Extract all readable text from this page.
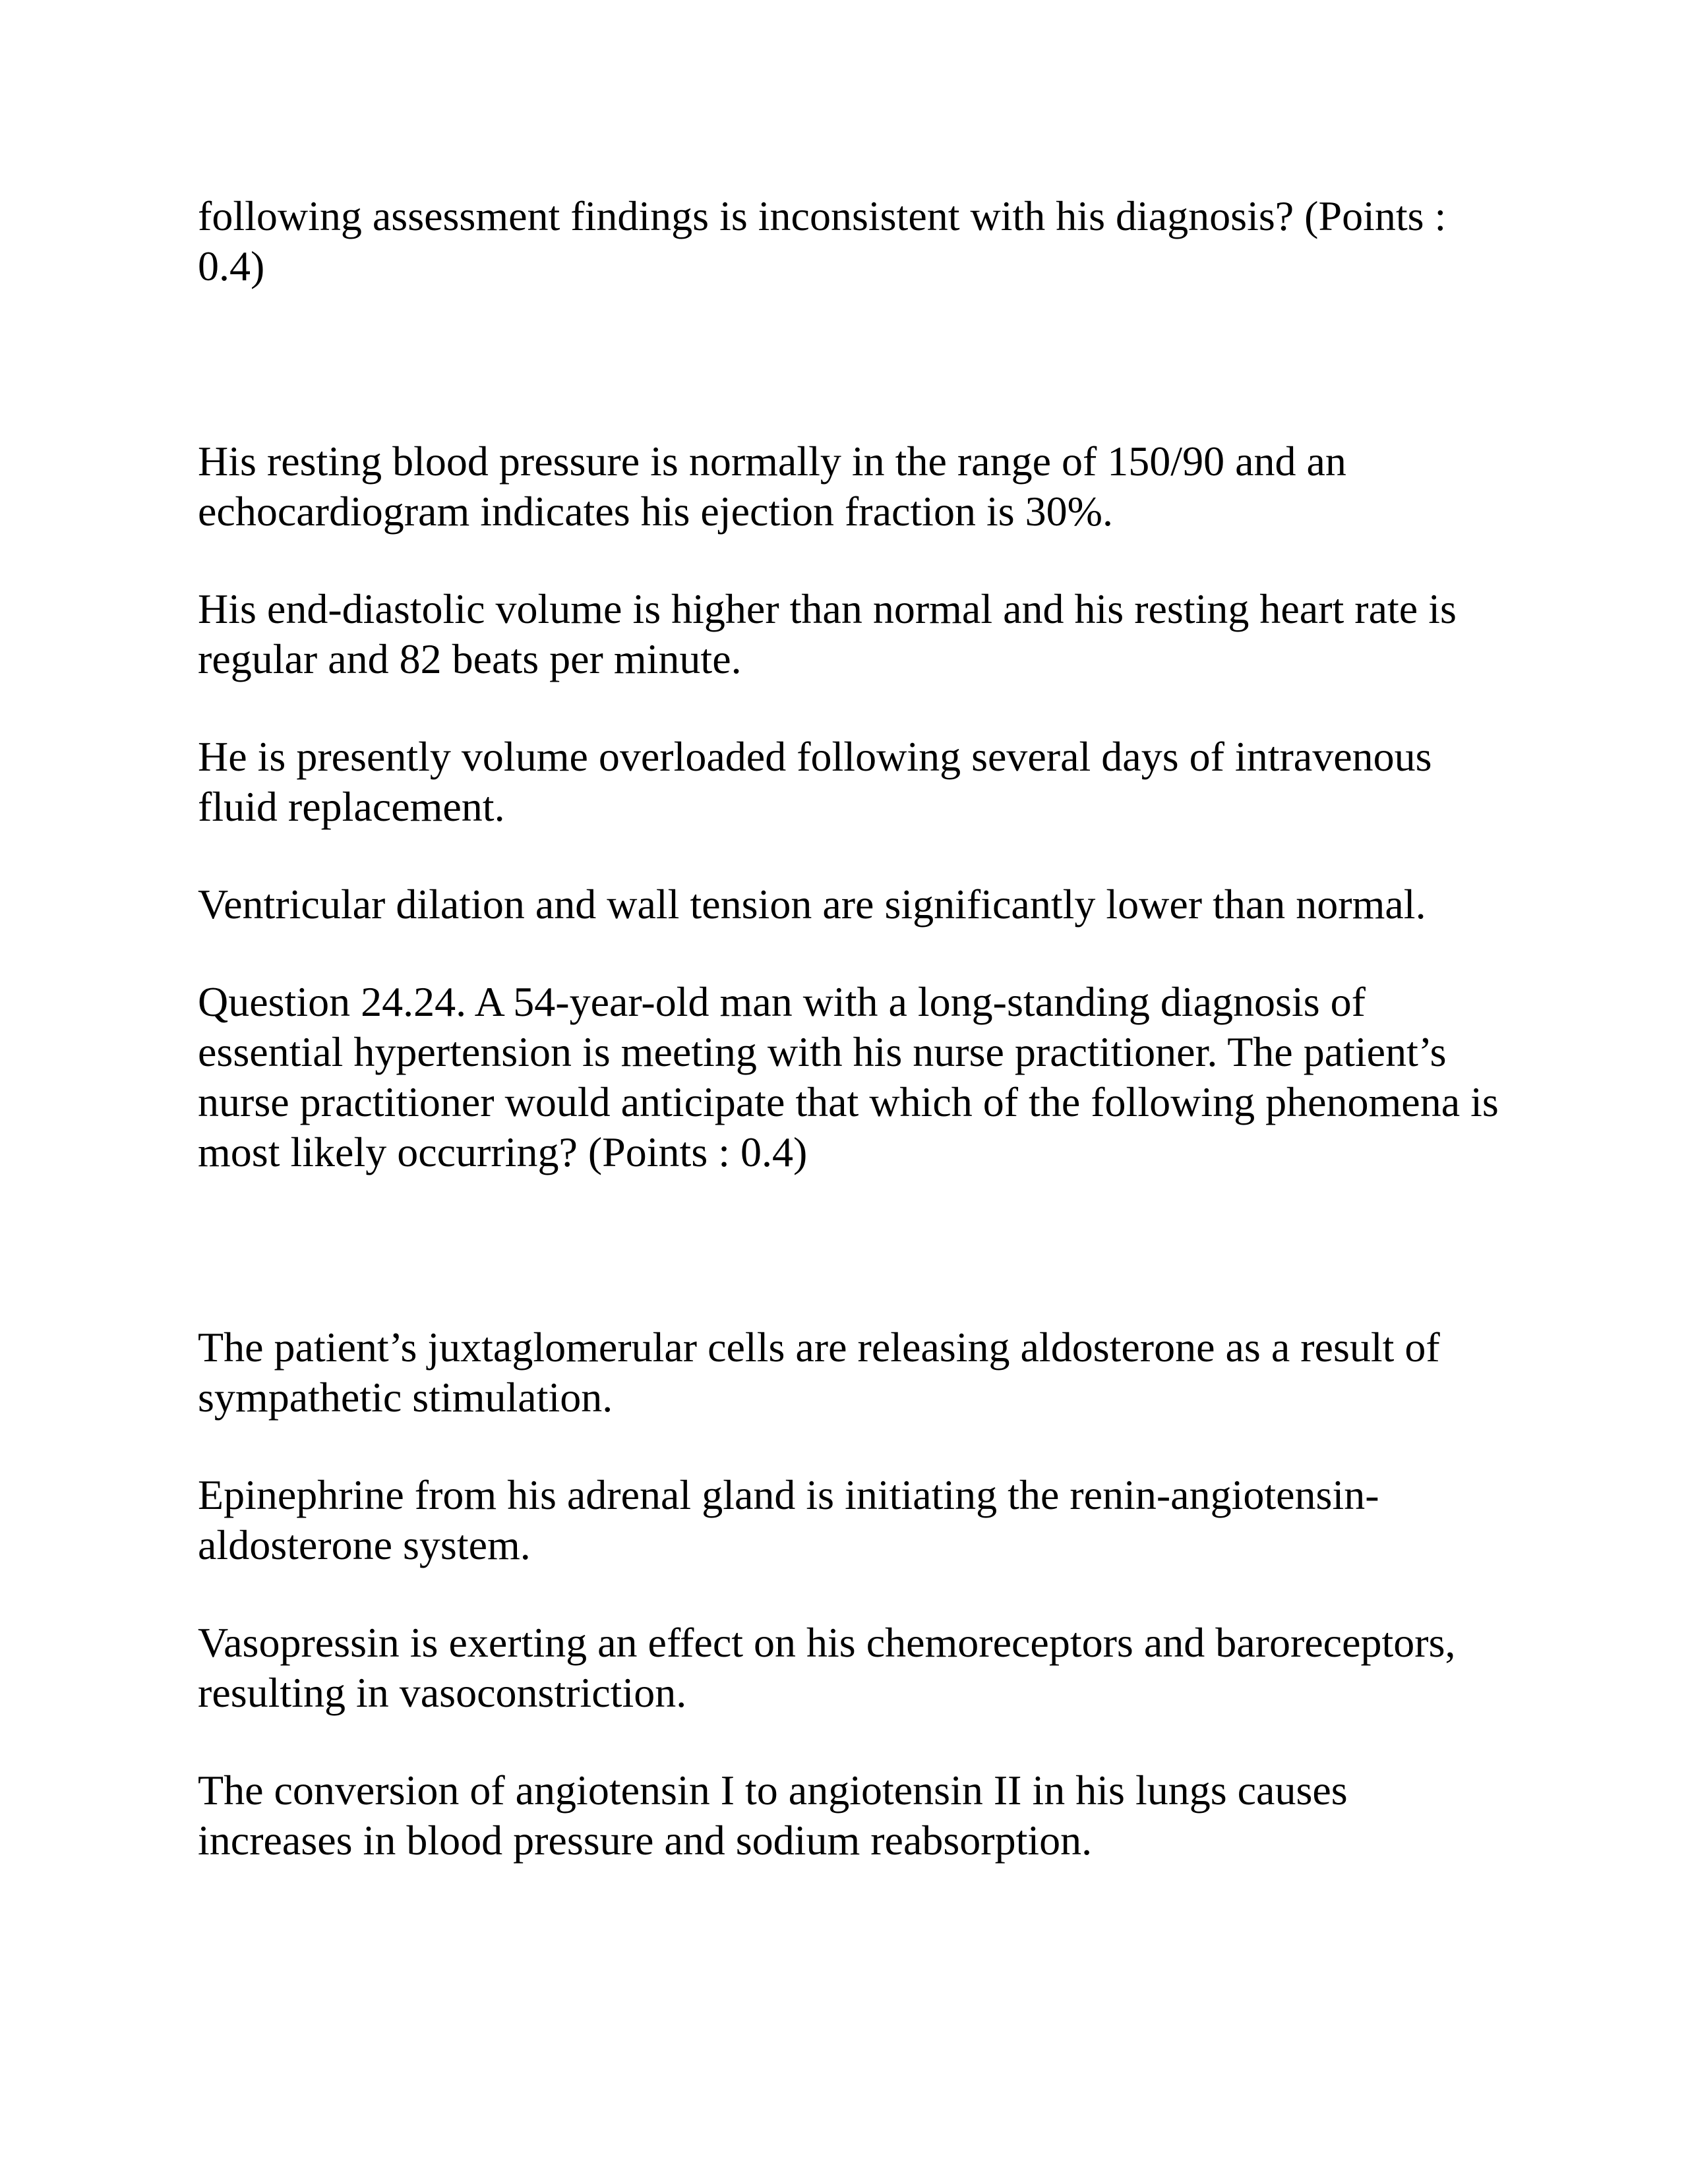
following assessment findings is inconsistent with his diagnosis? (Points : 0.4)

His resting blood pressure is normally in the range of 150/90 and an echocardiogram indicates his ejection fraction is 30%.

His end-diastolic volume is higher than normal and his resting heart rate is regular and 82 beats per minute.

He is presently volume overloaded following several days of intravenous fluid replacement.

Ventricular dilation and wall tension are significantly lower than normal.

Question 24.24. A 54-year-old man with a long-standing diagnosis of essential hypertension is meeting with his nurse practitioner. The patient’s nurse practitioner would anticipate that which of the following phenomena is most likely occurring? (Points : 0.4)

The patient’s juxtaglomerular cells are releasing aldosterone as a result of sympathetic stimulation.

Epinephrine from his adrenal gland is initiating the renin-angiotensin-aldosterone system.

Vasopressin is exerting an effect on his chemoreceptors and baroreceptors, resulting in vasoconstriction.

The conversion of angiotensin I to angiotensin II in his lungs causes increases in blood pressure and sodium reabsorption.
